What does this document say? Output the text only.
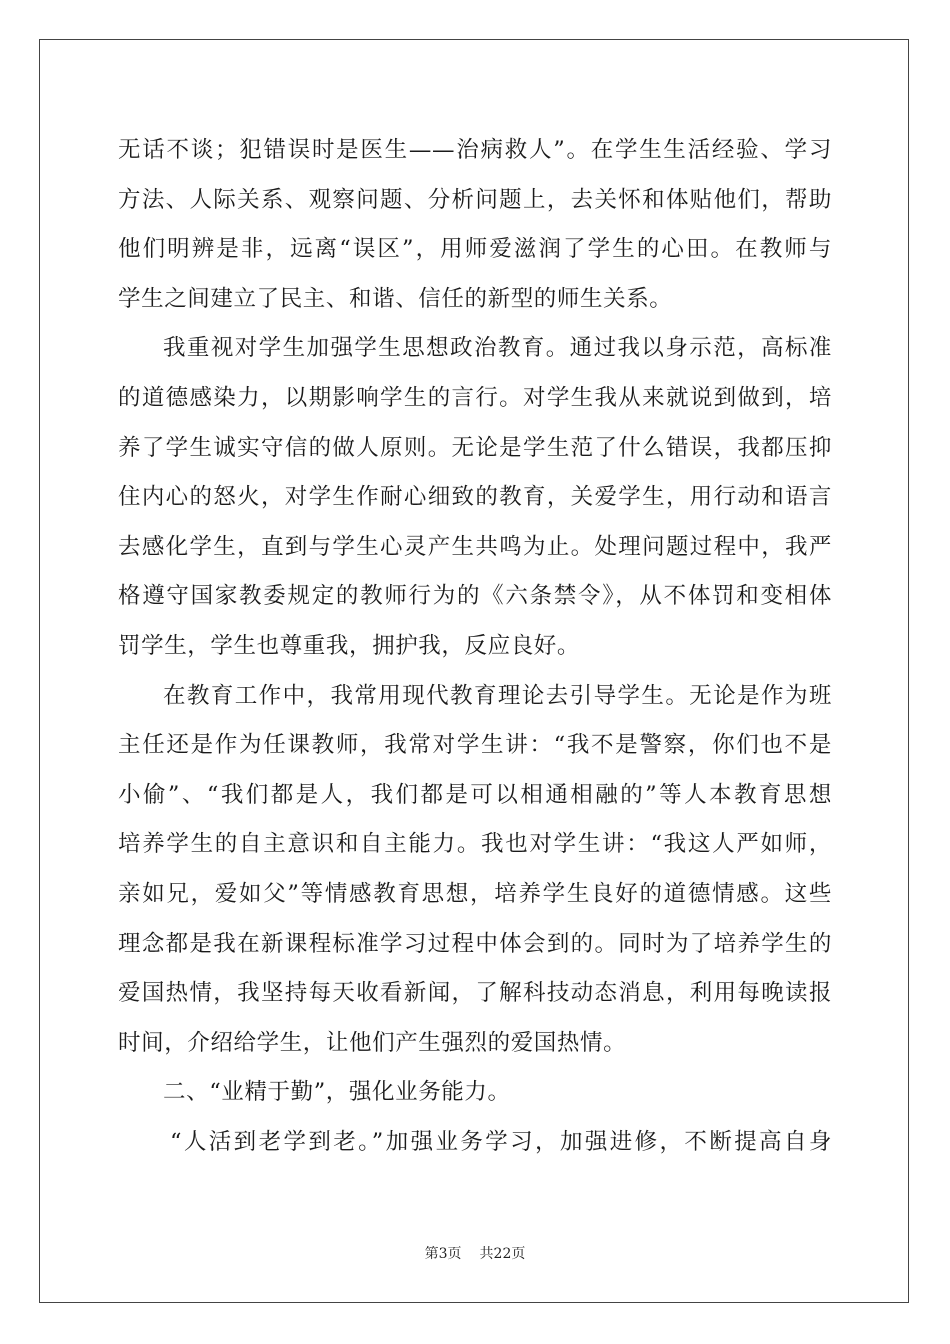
无话不谈；犯错误时是医生——治病救人”。在学生生活经验、学习
方法、人际关系、观察问题、分析问题上，去关怀和体贴他们，帮助
他们明辨是非，远离“误区”，用师爱滋润了学生的心田。在教师与
学生之间建立了民主、和谐、信任的新型的师生关系。
我重视对学生加强学生思想政治教育。通过我以身示范，高标准
的道德感染力，以期影响学生的言行。对学生我从来就说到做到，培
养了学生诚实守信的做人原则。无论是学生范了什么错误，我都压抑
住内心的怒火，对学生作耐心细致的教育，关爱学生，用行动和语言
去感化学生，直到与学生心灵产生共鸣为止。处理问题过程中，我严
格遵守国家教委规定的教师行为的《六条禁令》，从不体罚和变相体
罚学生，学生也尊重我，拥护我，反应良好。
在教育工作中，我常用现代教育理论去引导学生。无论是作为班
主任还是作为任课教师，我常对学生讲：“我不是警察，你们也不是
小偷”、“我们都是人，我们都是可以相通相融的”等人本教育思想
培养学生的自主意识和自主能力。我也对学生讲：“我这人严如师，
亲如兄，爱如父”等情感教育思想，培养学生良好的道德情感。这些
理念都是我在新课程标准学习过程中体会到的。同时为了培养学生的
爱国热情，我坚持每天收看新闻，了解科技动态消息，利用每晚读报
时间，介绍给学生，让他们产生强烈的爱国热情。
二、“业精于勤”，强化业务能力。
“人活到老学到老。”加强业务学习，加强进修，不断提高自身
第3页 共22页
